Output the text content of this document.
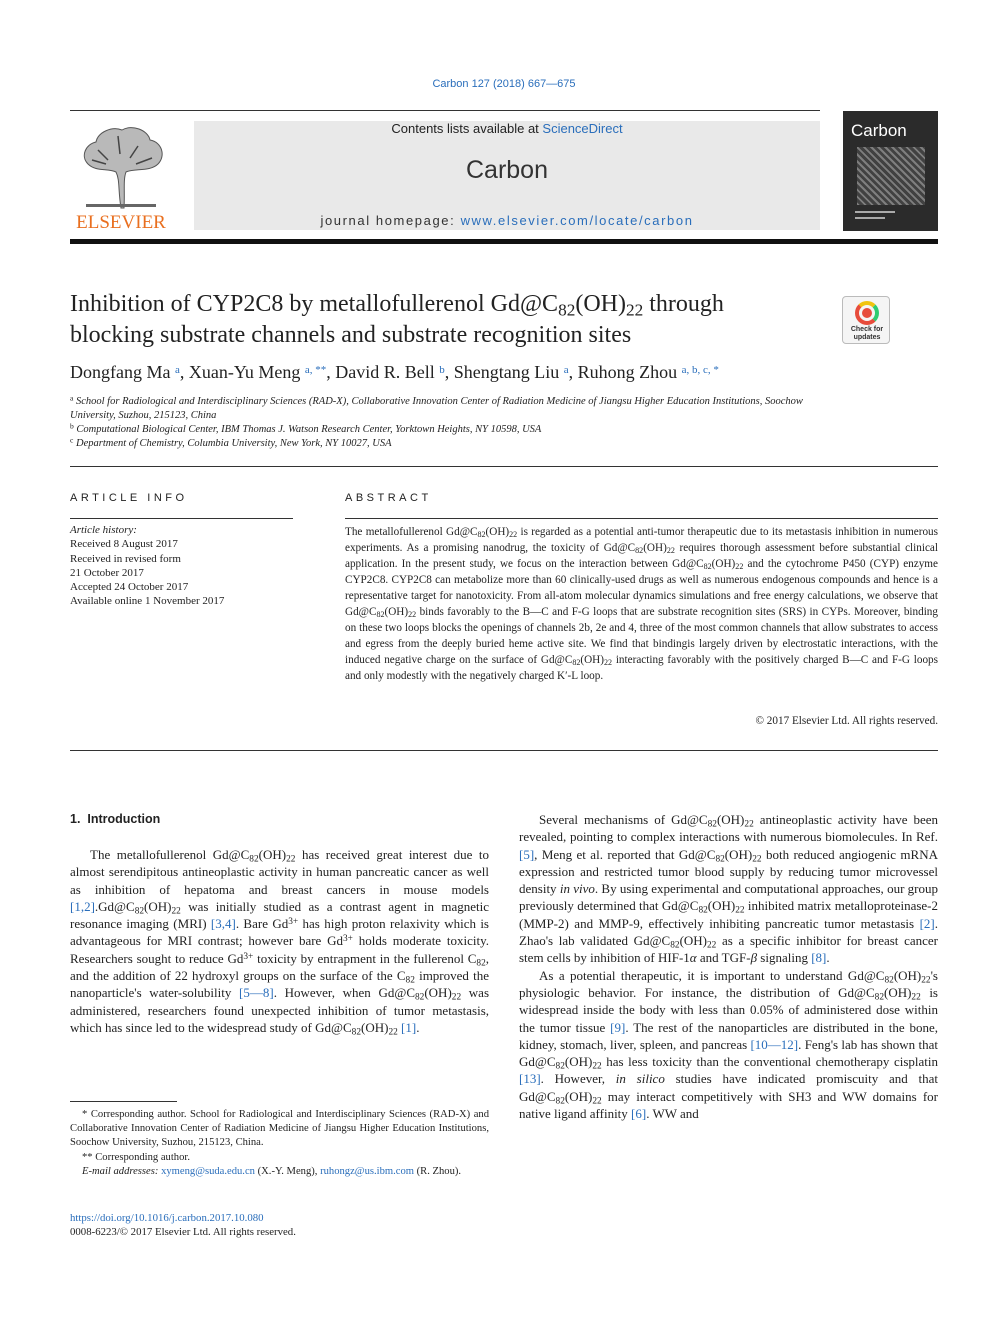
Carbon 127 (2018) 667—675
ELSEVIER
Contents lists available at ScienceDirect
Carbon
journal homepage: www.elsevier.com/locate/carbon
Carbon
Inhibition of CYP2C8 by metallofullerenol $Gd@C_{82}(OH)_{22}$ through blocking substrate channels and substrate recognition sites	Check for updates
Dongfang Ma $^a$, Xuan-Yu Meng $^{a, **}$, David R. Bell $^b$, Shengtang Liu $^a$, Ruhong Zhou $^{a, b, c, *}$
$^a$ School for Radiological and Interdisciplinary Sciences (RAD-X), Collaborative Innovation Center of Radiation Medicine of Jiangsu Higher Education Institutions, Soochow University, Suzhou, 215123, China
$^b$ Computational Biological Center, IBM Thomas J. Watson Research Center, Yorktown Heights, NY 10598, USA
$^c$ Department of Chemistry, Columbia University, New York, NY 10027, USA
ARTICLE INFO
Article history:
Received 8 August 2017
Received in revised form
21 October 2017
Accepted 24 October 2017
Available online 1 November 2017
ABSTRACT
The metallofullerenol $Gd@C_{82}(OH)_{22}$ is regarded as a potential anti-tumor therapeutic due to its metastasis inhibition in numerous experiments. As a promising nanodrug, the toxicity of $Gd@C_{82}(OH)_{22}$ requires thorough assessment before substantial clinical application. In the present study, we focus on the interaction between $Gd@C_{82}(OH)_{22}$ and the cytochrome P450 (CYP) enzyme CYP2C8. CYP2C8 can metabolize more than 60 clinically-used drugs as well as numerous endogenous compounds and hence is a representative target for nanotoxicity. From all-atom molecular dynamics simulations and free energy calculations, we observe that $Gd@C_{82}(OH)_{22}$ binds favorably to the B—C and F-G loops that are substrate recognition sites (SRS) in CYPs. Moreover, binding on these two loops blocks the openings of channels 2b, 2e and 4, three of the most common channels that allow substrates to access and egress from the deeply buried heme active site. We find that bindingis largely driven by electrostatic interactions, with the induced negative charge on the surface of $Gd@C_{82}(OH)_{22}$ interacting favorably with the positively charged B—C and F-G loops and only modestly with the negatively charged K′-L loop.
© 2017 Elsevier Ltd. All rights reserved.
1. Introduction

The metallofullerenol $Gd@C_{82}(OH)_{22}$ has received great interest due to almost serendipitous antineoplastic activity in human pancreatic cancer as well as inhibition of hepatoma and breast cancers in mouse models $[1,2].Gd@C_{82}(OH)_{22}$ was initially studied as a contrast agent in magnetic resonance imaging (MRI) [3,4]. Bare $Gd^{3+}$ has high proton relaxivity which is advantageous for MRI contrast; however bare $Gd^{3+}$ holds moderate toxicity. Researchers sought to reduce $Gd^{3+}$ toxicity by entrapment in the fullerenol $C_{82}$, and the addition of 22 hydroxyl groups on the surface of the $C_{82}$ improved the nanoparticle's water-solubility [5—8]. However, when $Gd@C_{82}(OH)_{22}$ was administered, researchers found unexpected inhibition of tumor metastasis, which has since led to the widespread study of $Gd@C_{82}(OH)_{22}$ [1].

Several mechanisms of $Gd@C_{82}(OH)_{22}$ antineoplastic activity have been revealed, pointing to complex interactions with numerous biomolecules. In Ref. [5], Meng et al. reported that $Gd@C_{82}(OH)_{22}$ both reduced angiogenic mRNA expression and restricted tumor blood supply by reducing tumor microvessel density in vivo. By using experimental and computational approaches, our group previously determined that $Gd@C_{82}(OH)_{22}$ inhibited matrix metalloproteinase-2 (MMP-2) and MMP-9, effectively inhibiting pancreatic tumor metastasis [2]. Zhao's lab validated $Gd@C_{82}(OH)_{22}$ as a specific inhibitor for breast cancer stem cells by inhibition of HIF-1α and TGF-β signaling [8].

As a potential therapeutic, it is important to understand $Gd@C_{82}(OH)_{22}'s$ physiologic behavior. For instance, the distribution of $Gd@C_{82}(OH)_{22}$ is widespread inside the body with less than 0.05% of administered dose within the tumor tissue [9]. The rest of the nanoparticles are distributed in the bone, kidney, stomach, liver, spleen, and pancreas [10—12]. Feng's lab has shown that $Gd@C_{82}(OH)_{22}$ has less toxicity than the conventional chemotherapy cisplatin [13]. However, in silico studies have indicated promiscuity and that $Gd@C_{82}(OH)_{22}$ may interact competitively with SH3 and WW domains for native ligand affinity [6]. WW and

* Corresponding author. School for Radiological and Interdisciplinary Sciences (RAD-X) and Collaborative Innovation Center of Radiation Medicine of Jiangsu Higher Education Institutions, Soochow University, Suzhou, 215123, China.

** Corresponding author.

E-mail addresses: xymeng@suda.edu.cn (X.-Y. Meng), ruhongz@us.ibm.com (R. Zhou).

https://doi.org/10.1016/j.carbon.2017.10.080
0008-6223/© 2017 Elsevier Ltd. All rights reserved.
